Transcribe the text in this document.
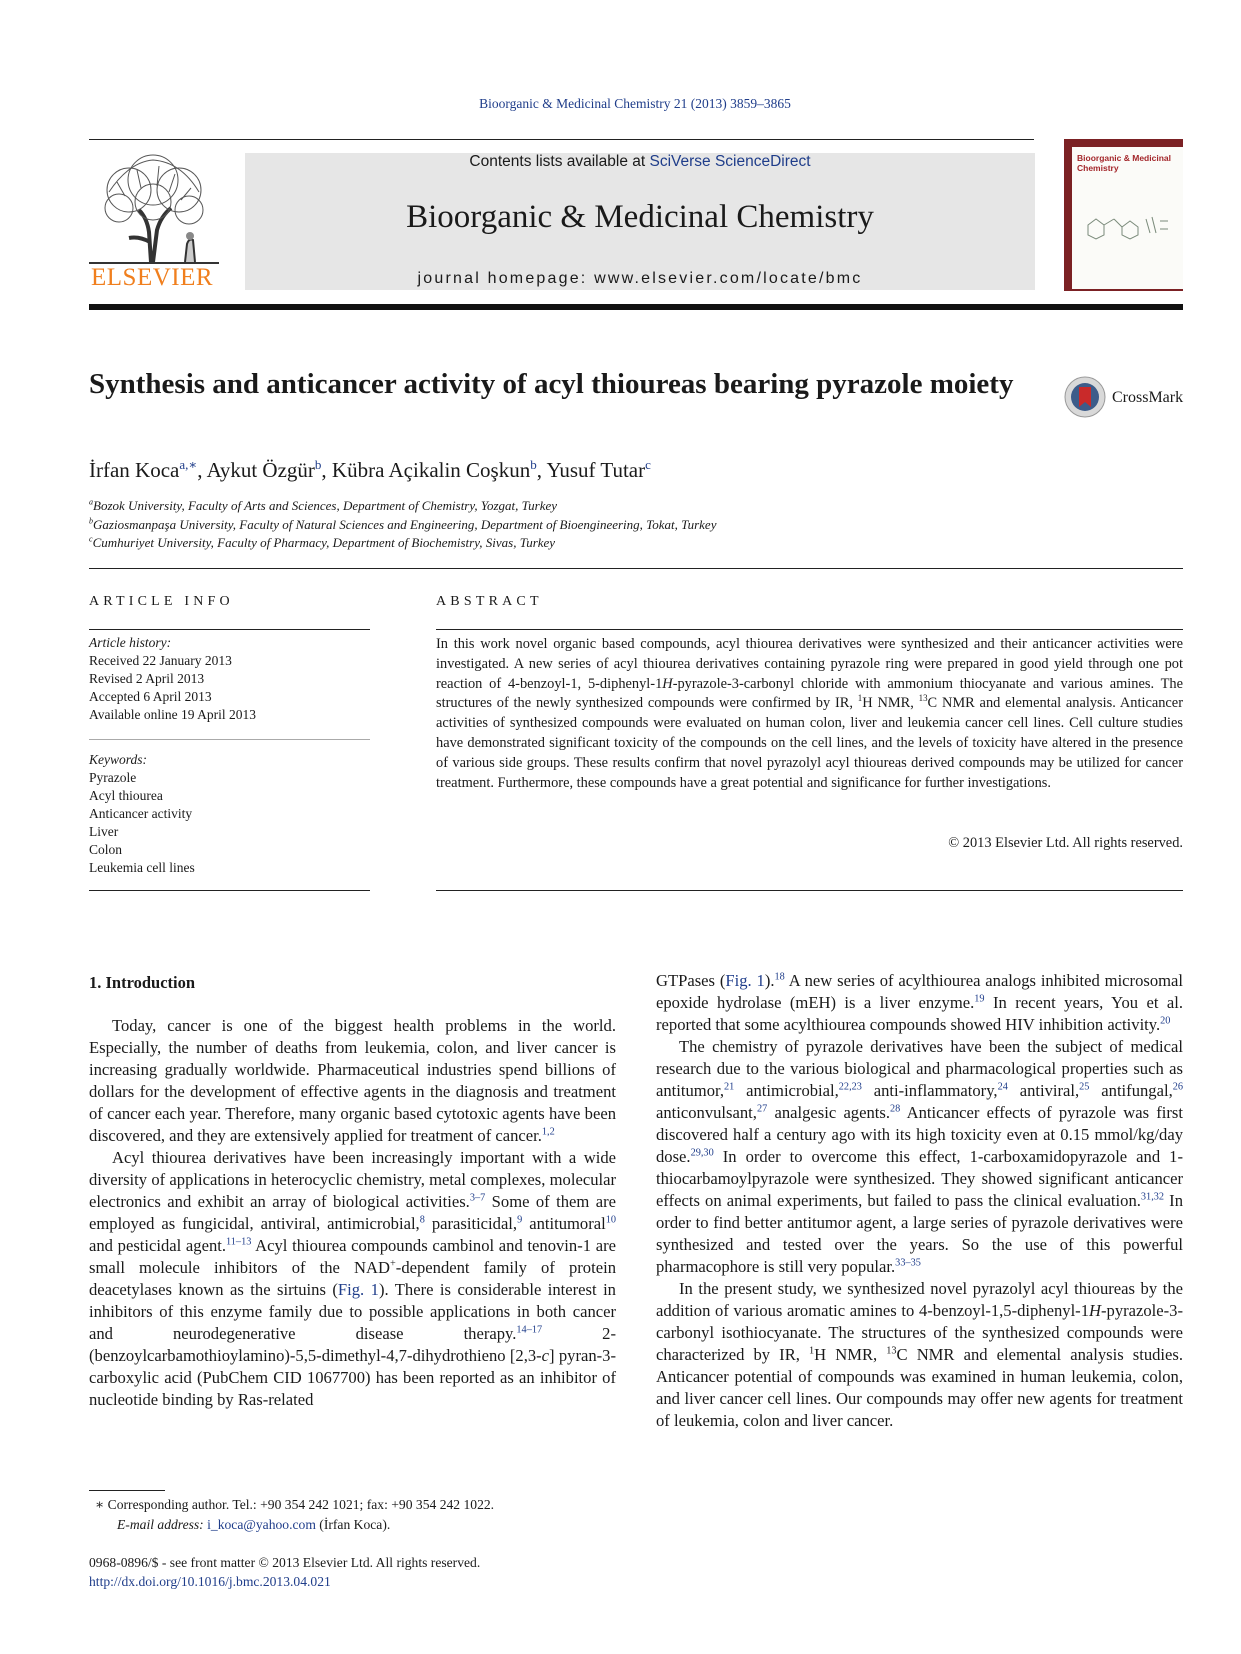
Bioorganic & Medicinal Chemistry 21 (2013) 3859–3865
ELSEVIER
Contents lists available at SciVerse ScienceDirect
Bioorganic & Medicinal Chemistry
journal homepage: www.elsevier.com/locate/bmc
Bioorganic & Medicinal
Chemistry
Synthesis and anticancer activity of acyl thioureas bearing pyrazole moiety	CrossMark
İrfan Koca$^{a,∗}$, Aykut Özgür$^b$, Kübra Açikalin Coşkun$^b$, Yusuf Tutar$^c$
$^a$Bozok University, Faculty of Arts and Sciences, Department of Chemistry, Yozgat, Turkey
$^b$Gaziosmanpaşa University, Faculty of Natural Sciences and Engineering, Department of Bioengineering, Tokat, Turkey
$^c$Cumhuriyet University, Faculty of Pharmacy, Department of Biochemistry, Sivas, Turkey
ARTICLE INFO	ABSTRACT
Article history:
Received 22 January 2013
Revised 2 April 2013
Accepted 6 April 2013
Available online 19 April 2013
Keywords:
Pyrazole
Acyl thiourea
Anticancer activity
Liver
Colon
Leukemia cell lines
In this work novel organic based compounds, acyl thiourea derivatives were synthesized and their anticancer activities were investigated. A new series of acyl thiourea derivatives containing pyrazole ring were prepared in good yield through one pot reaction of 4-benzoyl-1, 5-diphenyl-1H-pyrazole-3-carbonyl chloride with ammonium thiocyanate and various amines. The structures of the newly synthesized compounds were confirmed by IR, $^1$H NMR, $^{13}$C NMR and elemental analysis. Anticancer activities of synthesized compounds were evaluated on human colon, liver and leukemia cancer cell lines. Cell culture studies have demonstrated significant toxicity of the compounds on the cell lines, and the levels of toxicity have altered in the presence of various side groups. These results confirm that novel pyrazolyl acyl thioureas derived compounds may be utilized for cancer treatment. Furthermore, these compounds have a great potential and significance for further investigations.
© 2013 Elsevier Ltd. All rights reserved.
1. Introduction

Today, cancer is one of the biggest health problems in the world. Especially, the number of deaths from leukemia, colon, and liver cancer is increasing gradually worldwide. Pharmaceutical industries spend billions of dollars for the development of effective agents in the diagnosis and treatment of cancer each year. Therefore, many organic based cytotoxic agents have been discovered, and they are extensively applied for treatment of cancer.$^{1,2}$

Acyl thiourea derivatives have been increasingly important with a wide diversity of applications in heterocyclic chemistry, metal complexes, molecular electronics and exhibit an array of biological activities.$^{3-7}$ Some of them are employed as fungicidal, antiviral, antimicrobial,$^8$ parasiticidal,$^9$ antitumoral$^{10}$ and pesticidal agent.$^{11-13}$ Acyl thiourea compounds cambinol and tenovin-1 are small molecule inhibitors of the NAD+-dependent family of protein deacetylases known as the sirtuins (Fig. 1). There is considerable interest in inhibitors of this enzyme family due to possible applications in both cancer and neurodegenerative disease therapy.$^{14-17}$ 2-(benzoylcarbamothioylamino)-5,5-dimethyl-4,7-dihydrothieno [2,3-c] pyran-3-carboxylic acid (PubChem CID 1067700) has been reported as an inhibitor of nucleotide binding by Ras-related

GTPases (Fig. 1).$^{18}$ A new series of acylthiourea analogs inhibited microsomal epoxide hydrolase (mEH) is a liver enzyme.$^{19}$ In recent years, You et al. reported that some acylthiourea compounds showed HIV inhibition activity.$^{20}$

The chemistry of pyrazole derivatives have been the subject of medical research due to the various biological and pharmacological properties such as antitumor,$^{21}$ antimicrobial,$^{22,23}$ anti-inflammatory,$^{24}$ antiviral,$^{25}$ antifungal,$^{26}$ anticonvulsant,$^{27}$ analgesic agents.$^{28}$ Anticancer effects of pyrazole was first discovered half a century ago with its high toxicity even at 0.15 mmol/kg/day dose.$^{29,30}$ In order to overcome this effect, 1-carboxamidopyrazole and 1-thiocarbamoylpyrazole were synthesized. They showed significant anticancer effects on animal experiments, but failed to pass the clinical evaluation.$^{31,32}$ In order to find better antitumor agent, a large series of pyrazole derivatives were synthesized and tested over the years. So the use of this powerful pharmacophore is still very popular.$^{33-35}$

In the present study, we synthesized novel pyrazolyl acyl thioureas by the addition of various aromatic amines to 4-benzoyl-1,5-diphenyl-1H-pyrazole-3-carbonyl isothiocyanate. The structures of the synthesized compounds were characterized by IR, $^1$H NMR, $^{13}$C NMR and elemental analysis studies. Anticancer potential of compounds was examined in human leukemia, colon, and liver cancer cell lines. Our compounds may offer new agents for treatment of leukemia, colon and liver cancer.

∗ Corresponding author. Tel.: +90 354 242 1021; fax: +90 354 242 1022.
E-mail address: i_koca@yahoo.com (İrfan Koca).
0968-0896/$ - see front matter © 2013 Elsevier Ltd. All rights reserved.
http://dx.doi.org/10.1016/j.bmc.2013.04.021
